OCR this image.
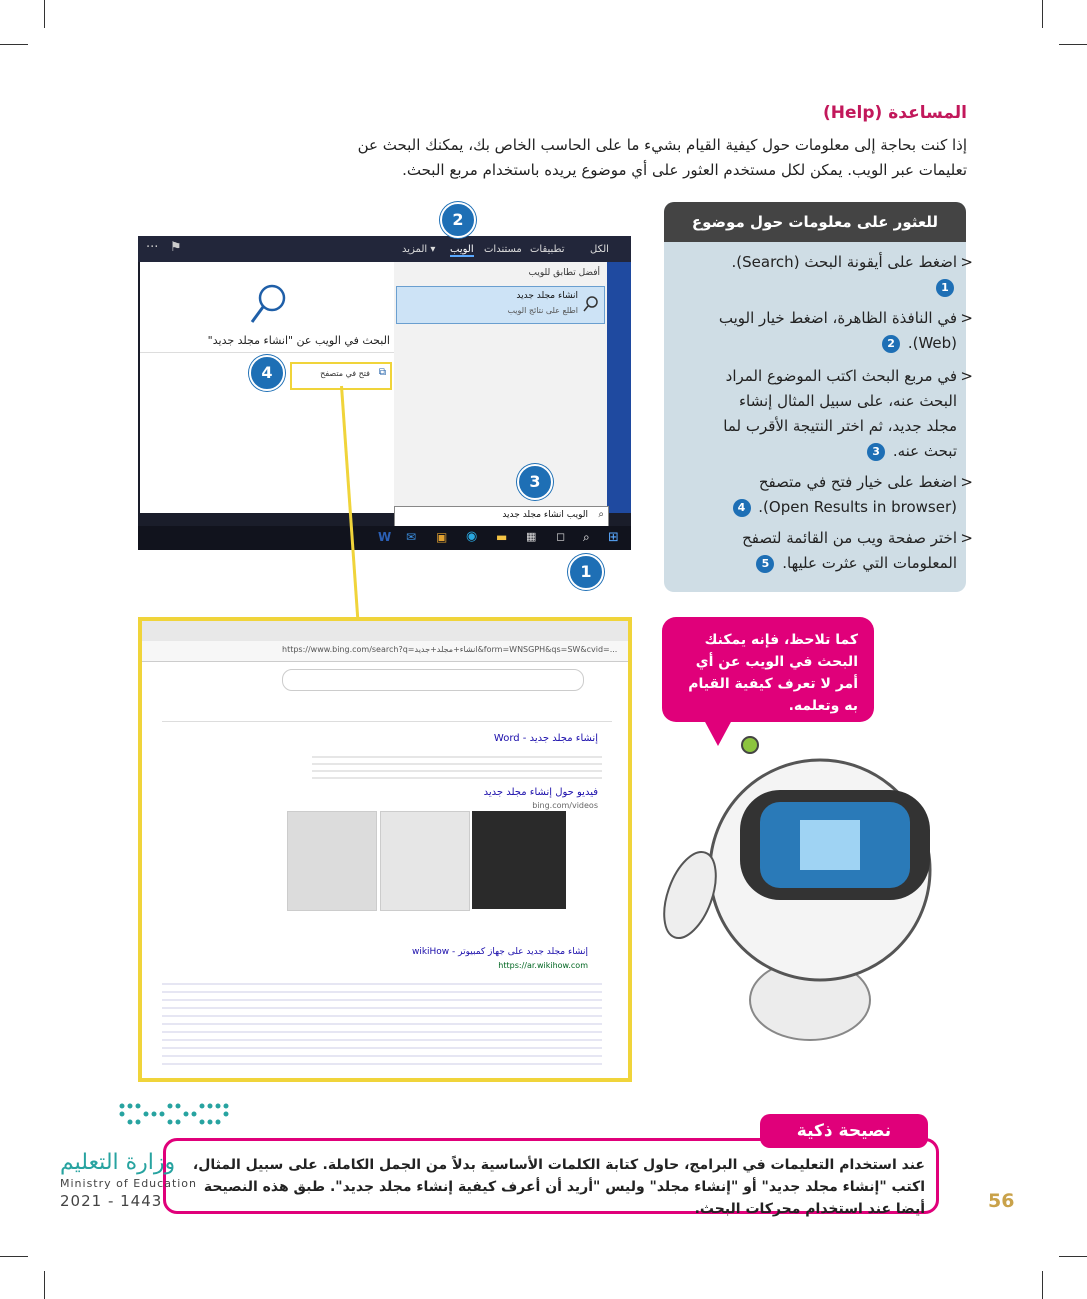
المساعدة (Help)
إذا كنت بحاجة إلى معلومات حول كيفية القيام بشيء ما على الحاسب الخاص بك، يمكنك البحث عن تعليمات عبر الويب. يمكن لكل مستخدم العثور على أي موضوع يريده باستخدام مربع البحث.
الكل
تطبيقات
مستندات
الويب
المزيد ▾
⚑
···
أفضل تطابق للويب
انشاء مجلد جديد
اطلع على نتائج الويب
البحث في الويب عن "انشاء مجلد جديد"
فتح في متصفح ⧉
الويب انشاء مجلد جديد ⌕
⊞
⌕
◻
▦
▬
◉
▣
✉
W
للعثور على معلومات حول موضوع
<
اضغط على أيقونة البحث (Search). 1
<
في النافذة الظاهرة، اضغط خيار الويب (Web). 2
<
في مربع البحث اكتب الموضوع المراد البحث عنه، على سبيل المثال إنشاء مجلد جديد، ثم اختر النتيجة الأقرب لما تبحث عنه. 3
<
اضغط على خيار فتح في متصفح (Open Results in browser). 4
<
اختر صفحة ويب من القائمة لتصفح المعلومات التي عثرت عليها. 5
2
4
3
1
https://www.bing.com/search?q=انشاء+مجلد+جديد&form=WNSGPH&qs=SW&cvid=...
إنشاء مجلد جديد - Word
فيديو حول إنشاء مجلد جديد
bing.com/videos
إنشاء مجلد جديد على جهاز كمبيوتر - wikiHow
https://ar.wikihow.com
كما تلاحظ، فإنه يمكنك البحث في الويب عن أي أمر لا تعرف كيفية القيام به وتعلمه.
نصيحة ذكية
عند استخدام التعليمات في البرامج، حاول كتابة الكلمات الأساسية بدلاً من الجمل الكاملة. على سبيل المثال، اكتب "إنشاء مجلد جديد" أو "إنشاء مجلد" وليس "أريد أن أعرف كيفية إنشاء مجلد جديد". طبق هذه النصيحة أيضا عند استخدام محركات البحث.
وزارة التعليم
Ministry of Education
2021 - 1443	56
